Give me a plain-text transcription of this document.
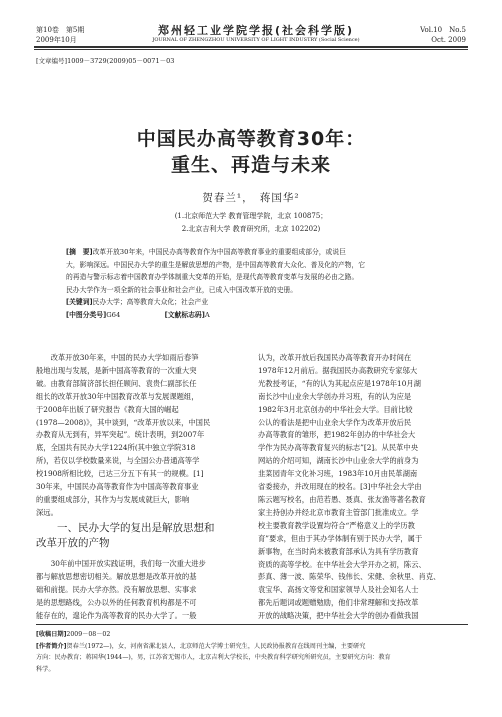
第10卷　第5期
2009年10月
郑州轻工业学院学报(社会科学版)
JOURNAL OF ZHENGZHOU UNIVERSITY OF LIGHT INDUSTRY (Social Science)
Vol.10　No.5
Oct. 2009
[文章编号]1009－3729(2009)05－0071－03
中国民办高等教育30年：
重生、再造与未来
贺春兰¹，　蒋国华²
(1.北京师范大学 教育管理学院，北京 100875；
2.北京吉利大学 教育研究所，北京 102202)
[摘　要]改革开放30年来，中国民办高等教育作为中国高等教育事业的重要组成部分，或说巨
大，影响深远。中国民办大学的重生是解放思想的产物，是中国高等教育大众化、普及化的产物，它
的再造与警示标志着中国教育办学体制重大变革的开始，是现代高等教育变革与发展的必由之路。
民办大学作为一项全新的社会事业和社会产业，已成入中国改革开放的史册。
[关键词]民办大学；高等教育大众化；社会产业
[中图分类号]G64	[文献标志码]A
改革开放30年来，中国的民办大学如雨后春笋
般地出现与发展，是新中国高等教育的一次重大突
破。由教育部简济部长担任顾问、袁贵仁副部长任
组长的改革开放30年中国教育改革与发展课题组，
于2008年出版了研究报告《教育大国的崛起
(1978—2008)》，其中谈到，“改革开放以来，中国民
办教育从无到有，异军突起”。统计表明，到2007年
底，全国共有民办大学1224所(其中独立学院318
所)，若仅以学校数量来说，与全国公办普通高等学
校1908所相比较，已达三分五下有其一的规模。[1]
30年来，中国民办高等教育作为中国高等教育事业
的重要组成部分，其作为与发展成就巨大，影响
深远。
一、民办大学的复出是解放思想和
改革开放的产物
30年前中国开放实践证明，我们每一次重大进步
都与解放思想密切相关。解放思想是改革开放的基
础和前提。民办大学亦然。没有解放思想、实事求
是的思想路线，公办以外的任何教育机构都是不可
能存在的，遑论作为高等教育的民办大学了。一般
认为，改革开放后我国民办高等教育开办时间在
1978年12月前后。据我国民办高教研究专家邬大
光教授考证，“有的认为其起点应是1978年10月湖
南长沙中山业余大学创办并习班，有的认为应是
1982年3月北京创办的中华社会大学。目前比较
公认的看法是把中山业余大学作为改革开放后民
办高等教育的雏形，把1982年创办的中华社会大
学作为民办高等教育复兴的标志”[2]。从民革中央
网站的介绍可知，湖南长沙中山业余大学的前身为
韭菜园青年文化补习班，1983年10月由民革湖南
省委接办，并改用现在的校名。[3]中华社会大学由
陈云题写校名，由范若愚、聂真、张友渔等著名教育
家主持创办并经北京市教育主管部门批准成立。学
校主要教育教学设置均符合“严格意义上的学历教
育”要求，但由于其办学体制有别于民办大学，属于
新事物，在当时尚未被教育部承认为具有学历教育
资质的高等学校。在中华社会大学开办之初，陈云、
彭真、薄一波、陈荣华、钱伟长、宋健、余秋里、肖克、
袁宝华、高扬文等党和国家领导人及社会知名人士
都先后题词或题赠勉励，他们非常理解和支持改革
开放的战略决策，把中华社会大学的创办看做我国
[收稿日期]2009－08－02
[作者简介]贺春兰(1972—)，女，河南省漯北县人，北京师范大学博士研究生，人民政协报教育在线周刊主编，主要研究
方向：民办教育；蒋国华(1944—)，男，江苏省无锡市人，北京吉利大学校长，中央教育科学研究所研究员，主要研究方向：教育
科学。
